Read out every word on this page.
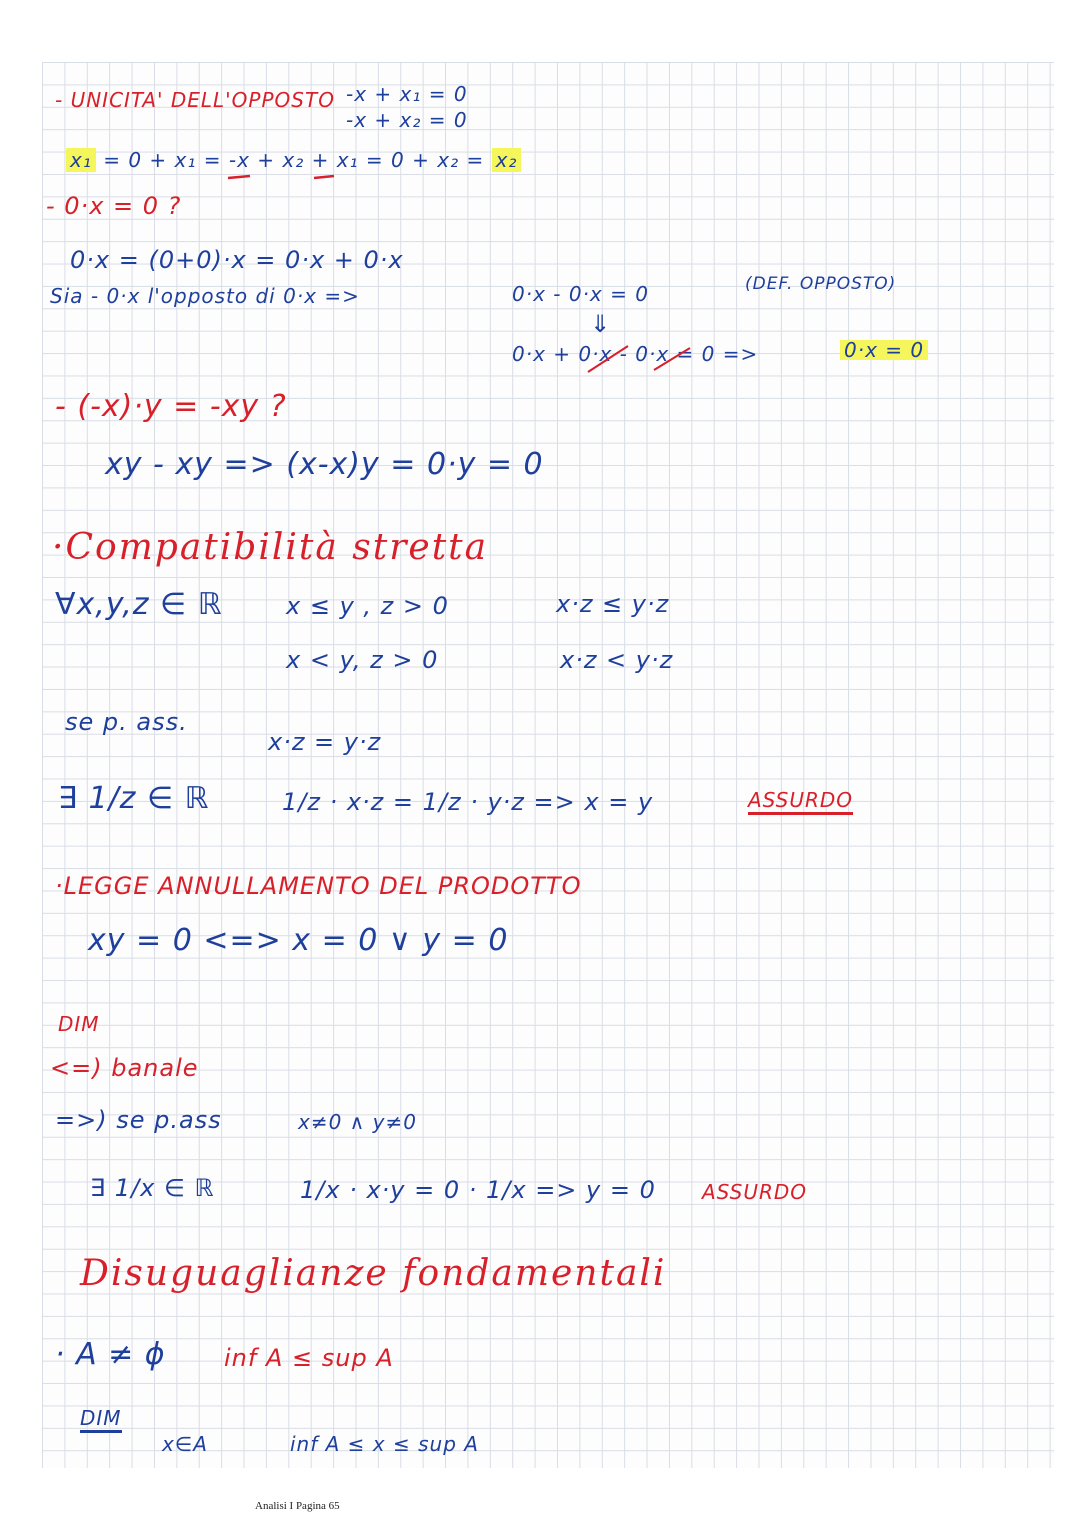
- UNICITA' DELL'OPPOSTO -x + x₁ = 0
-x + x₂ = 0
x₁ = 0 + x₁ = -x + x₂ + x₁ = 0 + x₂ = x₂
- 0·x = 0 ?
0·x = (0+0)·x = 0·x + 0·x
Sia - 0·x l'opposto di 0·x =>	0·x - 0·x = 0	(DEF. OPPOSTO)
⇓
0·x + 0·x - 0·x = 0 =>	0·x = 0
- (-x)·y = -xy ?
xy - xy => (x-x)y = 0·y = 0
·Compatibilità stretta
∀x,y,z ∈ ℝ	x ≤ y , z > 0	x·z ≤ y·z
x < y, z > 0	x·z < y·z
se p. ass.
x·z = y·z
∃ 1/z ∈ ℝ	1/z · x·z = 1/z · y·z => x = y	ASSURDO
·LEGGE ANNULLAMENTO DEL PRODOTTO
xy = 0 <=> x = 0 ∨ y = 0
DIM
<=) banale
=>) se p.ass	x≠0 ∧ y≠0
∃ 1/x ∈ ℝ	1/x · x·y = 0 · 1/x => y = 0 ASSURDO
Disuguaglianze fondamentali
· A ≠ ϕ inf A ≤ sup A
DIM
x∈A	inf A ≤ x ≤ sup A
Analisi I Pagina 65
